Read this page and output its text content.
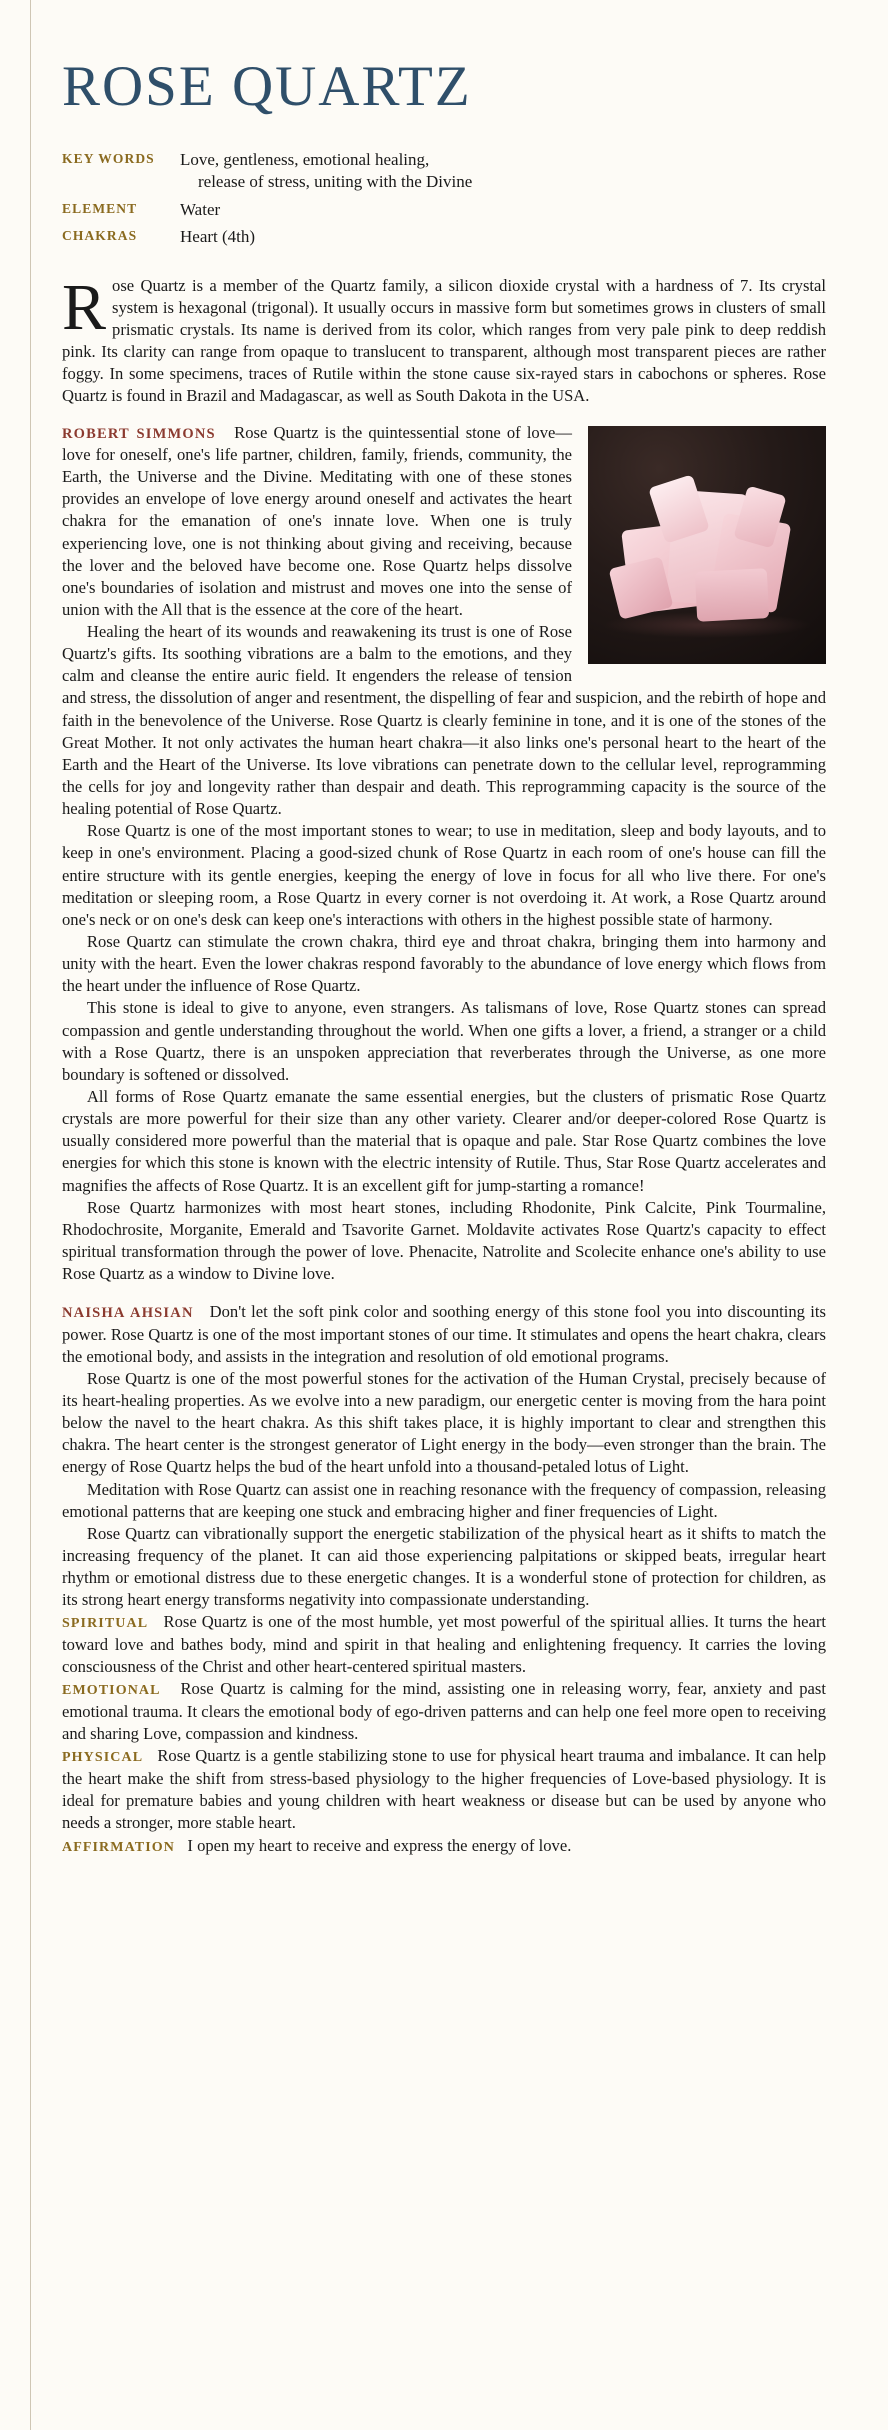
ROSE QUARTZ
KEY WORDS	Love, gentleness, emotional healing,
release of stress, uniting with the Divine
ELEMENT	Water
CHAKRAS	Heart (4th)

Rose Quartz is a member of the Quartz family, a silicon dioxide crystal with a hardness of 7. Its crystal system is hexagonal (trigonal). It usually occurs in massive form but sometimes grows in clusters of small prismatic crystals. Its name is derived from its color, which ranges from very pale pink to deep reddish pink. Its clarity can range from opaque to translucent to transparent, although most transparent pieces are rather foggy. In some specimens, traces of Rutile within the stone cause six-rayed stars in cabochons or spheres. Rose Quartz is found in Brazil and Madagascar, as well as South Dakota in the USA.

ROBERT SIMMONS Rose Quartz is the quintessential stone of love—love for oneself, one's life partner, children, family, friends, community, the Earth, the Universe and the Divine. Meditating with one of these stones provides an envelope of love energy around oneself and activates the heart chakra for the emanation of one's innate love. When one is truly experiencing love, one is not thinking about giving and receiving, because the lover and the beloved have become one. Rose Quartz helps dissolve one's boundaries of isolation and mistrust and moves one into the sense of union with the All that is the essence at the core of the heart.

Healing the heart of its wounds and reawakening its trust is one of Rose Quartz's gifts. Its soothing vibrations are a balm to the emotions, and they calm and cleanse the entire auric field. It engenders the release of tension and stress, the dissolution of anger and resentment, the dispelling of fear and suspicion, and the rebirth of hope and faith in the benevolence of the Universe. Rose Quartz is clearly feminine in tone, and it is one of the stones of the Great Mother. It not only activates the human heart chakra—it also links one's personal heart to the heart of the Earth and the Heart of the Universe. Its love vibrations can penetrate down to the cellular level, reprogramming the cells for joy and longevity rather than despair and death. This reprogramming capacity is the source of the healing potential of Rose Quartz.

Rose Quartz is one of the most important stones to wear; to use in meditation, sleep and body layouts, and to keep in one's environment. Placing a good-sized chunk of Rose Quartz in each room of one's house can fill the entire structure with its gentle energies, keeping the energy of love in focus for all who live there. For one's meditation or sleeping room, a Rose Quartz in every corner is not overdoing it. At work, a Rose Quartz around one's neck or on one's desk can keep one's interactions with others in the highest possible state of harmony.

Rose Quartz can stimulate the crown chakra, third eye and throat chakra, bringing them into harmony and unity with the heart. Even the lower chakras respond favorably to the abundance of love energy which flows from the heart under the influence of Rose Quartz.

This stone is ideal to give to anyone, even strangers. As talismans of love, Rose Quartz stones can spread compassion and gentle understanding throughout the world. When one gifts a lover, a friend, a stranger or a child with a Rose Quartz, there is an unspoken appreciation that reverberates through the Universe, as one more boundary is softened or dissolved.

All forms of Rose Quartz emanate the same essential energies, but the clusters of prismatic Rose Quartz crystals are more powerful for their size than any other variety. Clearer and/or deeper-colored Rose Quartz is usually considered more powerful than the material that is opaque and pale. Star Rose Quartz combines the love energies for which this stone is known with the electric intensity of Rutile. Thus, Star Rose Quartz accelerates and magnifies the affects of Rose Quartz. It is an excellent gift for jump-starting a romance!

Rose Quartz harmonizes with most heart stones, including Rhodonite, Pink Calcite, Pink Tourmaline, Rhodochrosite, Morganite, Emerald and Tsavorite Garnet. Moldavite activates Rose Quartz's capacity to effect spiritual transformation through the power of love. Phenacite, Natrolite and Scolecite enhance one's ability to use Rose Quartz as a window to Divine love.

NAISHA AHSIAN Don't let the soft pink color and soothing energy of this stone fool you into discounting its power. Rose Quartz is one of the most important stones of our time. It stimulates and opens the heart chakra, clears the emotional body, and assists in the integration and resolution of old emotional programs.

Rose Quartz is one of the most powerful stones for the activation of the Human Crystal, precisely because of its heart-healing properties. As we evolve into a new paradigm, our energetic center is moving from the hara point below the navel to the heart chakra. As this shift takes place, it is highly important to clear and strengthen this chakra. The heart center is the strongest generator of Light energy in the body—even stronger than the brain. The energy of Rose Quartz helps the bud of the heart unfold into a thousand-petaled lotus of Light.

Meditation with Rose Quartz can assist one in reaching resonance with the frequency of compassion, releasing emotional patterns that are keeping one stuck and embracing higher and finer frequencies of Light.

Rose Quartz can vibrationally support the energetic stabilization of the physical heart as it shifts to match the increasing frequency of the planet. It can aid those experiencing palpitations or skipped beats, irregular heart rhythm or emotional distress due to these energetic changes. It is a wonderful stone of protection for children, as its strong heart energy transforms negativity into compassionate understanding.

SPIRITUAL Rose Quartz is one of the most humble, yet most powerful of the spiritual allies. It turns the heart toward love and bathes body, mind and spirit in that healing and enlightening frequency. It carries the loving consciousness of the Christ and other heart-centered spiritual masters.

EMOTIONAL Rose Quartz is calming for the mind, assisting one in releasing worry, fear, anxiety and past emotional trauma. It clears the emotional body of ego-driven patterns and can help one feel more open to receiving and sharing Love, compassion and kindness.

PHYSICAL Rose Quartz is a gentle stabilizing stone to use for physical heart trauma and imbalance. It can help the heart make the shift from stress-based physiology to the higher frequencies of Love-based physiology. It is ideal for premature babies and young children with heart weakness or disease but can be used by anyone who needs a stronger, more stable heart.

AFFIRMATION I open my heart to receive and express the energy of love.
